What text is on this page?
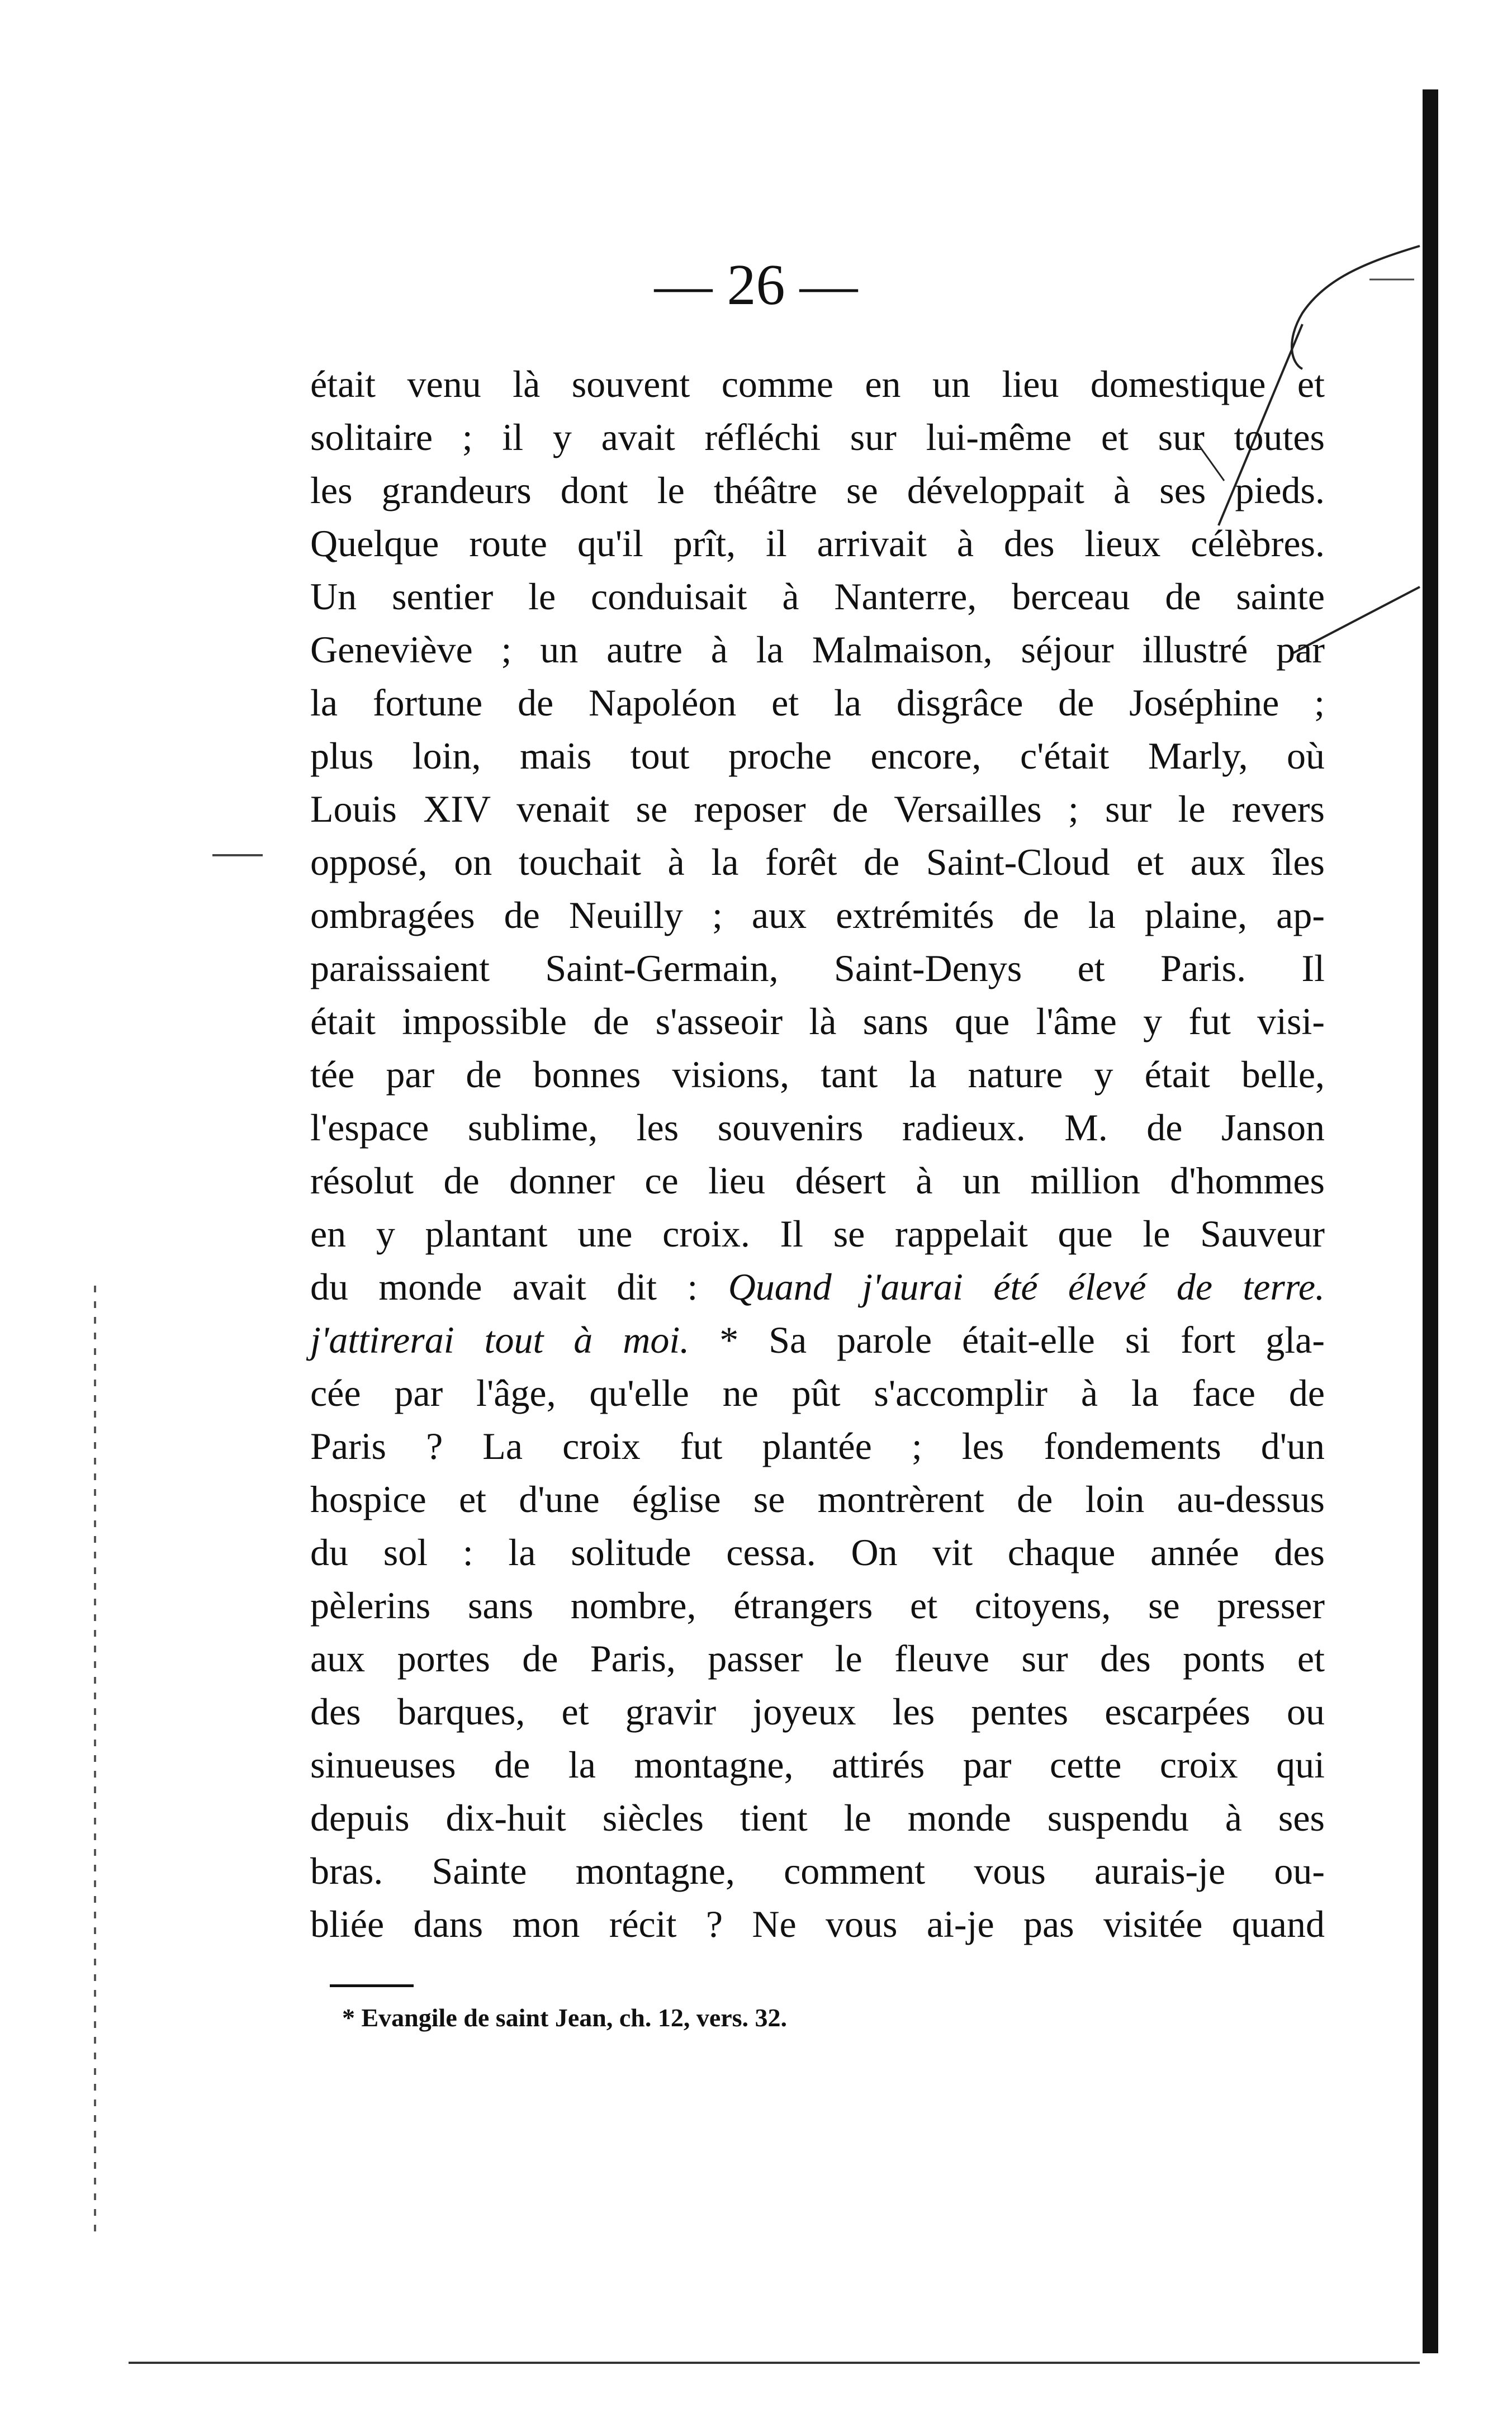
— 26 —
était venu là souvent comme en un lieu domestique et
solitaire ; il y avait réfléchi sur lui-même et sur toutes
les grandeurs dont le théâtre se développait à ses pieds.
Quelque route qu'il prît, il arrivait à des lieux célèbres.
Un sentier le conduisait à Nanterre, berceau de sainte
Geneviève ; un autre à la Malmaison, séjour illustré par
la fortune de Napoléon et la disgrâce de Joséphine ;
plus loin, mais tout proche encore, c'était Marly, où
Louis XIV venait se reposer de Versailles ; sur le revers
opposé, on touchait à la forêt de Saint-Cloud et aux îles
ombragées de Neuilly ; aux extrémités de la plaine, ap-
paraissaient Saint-Germain, Saint-Denys et Paris. Il
était impossible de s'asseoir là sans que l'âme y fut visi-
tée par de bonnes visions, tant la nature y était belle,
l'espace sublime, les souvenirs radieux. M. de Janson
résolut de donner ce lieu désert à un million d'hommes
en y plantant une croix. Il se rappelait que le Sauveur
du monde avait dit : Quand j'aurai été élevé de terre.
j'attirerai tout à moi. * Sa parole était-elle si fort gla-
cée par l'âge, qu'elle ne pût s'accomplir à la face de
Paris ? La croix fut plantée ; les fondements d'un
hospice et d'une église se montrèrent de loin au-dessus
du sol : la solitude cessa. On vit chaque année des
pèlerins sans nombre, étrangers et citoyens, se presser
aux portes de Paris, passer le fleuve sur des ponts et
des barques, et gravir joyeux les pentes escarpées ou
sinueuses de la montagne, attirés par cette croix qui
depuis dix-huit siècles tient le monde suspendu à ses
bras. Sainte montagne, comment vous aurais-je ou-
bliée dans mon récit ? Ne vous ai-je pas visitée quand
* Evangile de saint Jean, ch. 12, vers. 32.
